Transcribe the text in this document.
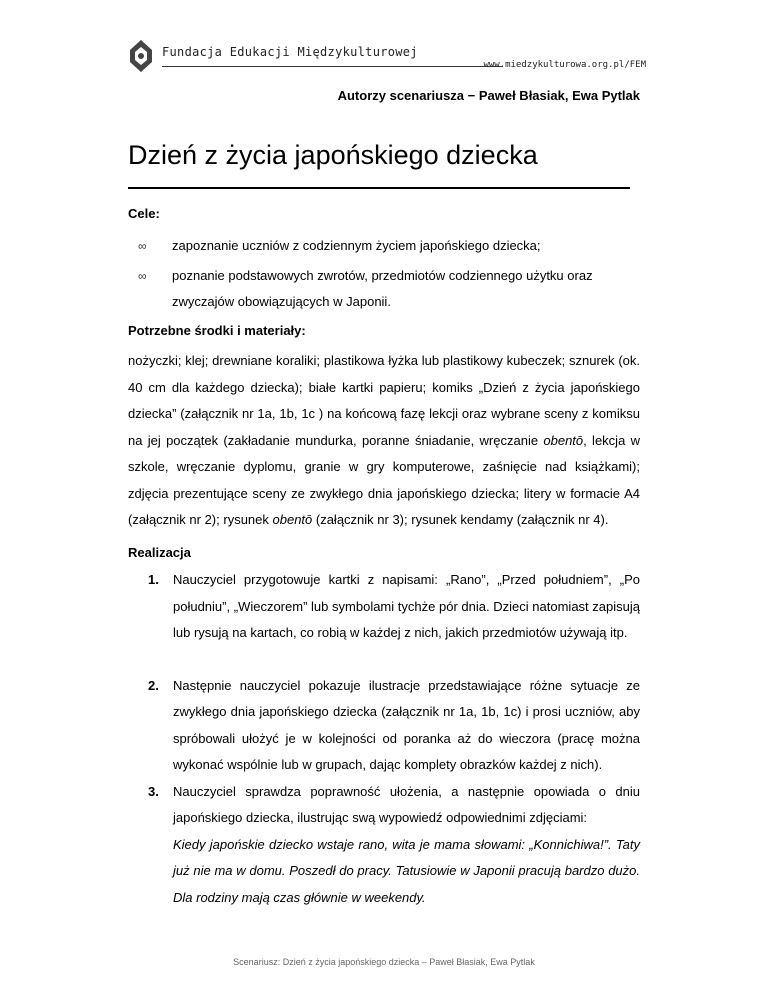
Fundacja Edukacji Międzykulturowej
www.miedzykulturowa.org.pl/FEM
Autorzy scenariusza − Paweł Błasiak, Ewa Pytlak
Dzień z życia japońskiego dziecka
Cele:
∞ zapoznanie uczniów z codziennym życiem japońskiego dziecka;
∞ poznanie podstawowych zwrotów, przedmiotów codziennego użytku oraz zwyczajów obowiązujących w Japonii.
Potrzebne środki i materiały:

nożyczki; klej; drewniane koraliki; plastikowa łyżka lub plastikowy kubeczek; sznurek (ok. 40 cm dla każdego dziecka); białe kartki papieru; komiks „Dzień z życia japońskiego dziecka” (załącznik nr 1a, 1b, 1c ) na końcową fazę lekcji oraz wybrane sceny z komiksu na jej początek (zakładanie mundurka, poranne śniadanie, wręczanie obentō, lekcja w szkole, wręczanie dyplomu, granie w gry komputerowe, zaśnięcie nad książkami); zdjęcia prezentujące sceny ze zwykłego dnia japońskiego dziecka; litery w formacie A4 (załącznik nr 2); rysunek obentō (załącznik nr 3); rysunek kendamy (załącznik nr 4).

Realizacja
1. Nauczyciel przygotowuje kartki z napisami: „Rano”, „Przed południem”, „Po południu”, „Wieczorem” lub symbolami tychże pór dnia. Dzieci natomiast zapisują lub rysują na kartach, co robią w każdej z nich, jakich przedmiotów używają itp.
2. Następnie nauczyciel pokazuje ilustracje przedstawiające różne sytuacje ze zwykłego dnia japońskiego dziecka (załącznik nr 1a, 1b, 1c) i prosi uczniów, aby spróbowali ułożyć je w kolejności od poranka aż do wieczora (pracę można wykonać wspólnie lub w grupach, dając komplety obrazków każdej z nich).
3. Nauczyciel sprawdza poprawność ułożenia, a następnie opowiada o dniu japońskiego dziecka, ilustrując swą wypowiedź odpowiednimi zdjęciami:
Kiedy japońskie dziecko wstaje rano, wita je mama słowami: „Konnichiwa!”. Taty już nie ma w domu. Poszedł do pracy. Tatusiowie w Japonii pracują bardzo dużo. Dla rodziny mają czas głównie w weekendy.
Scenariusz: Dzień z życia japońskiego dziecka – Paweł Błasiak, Ewa Pytlak
